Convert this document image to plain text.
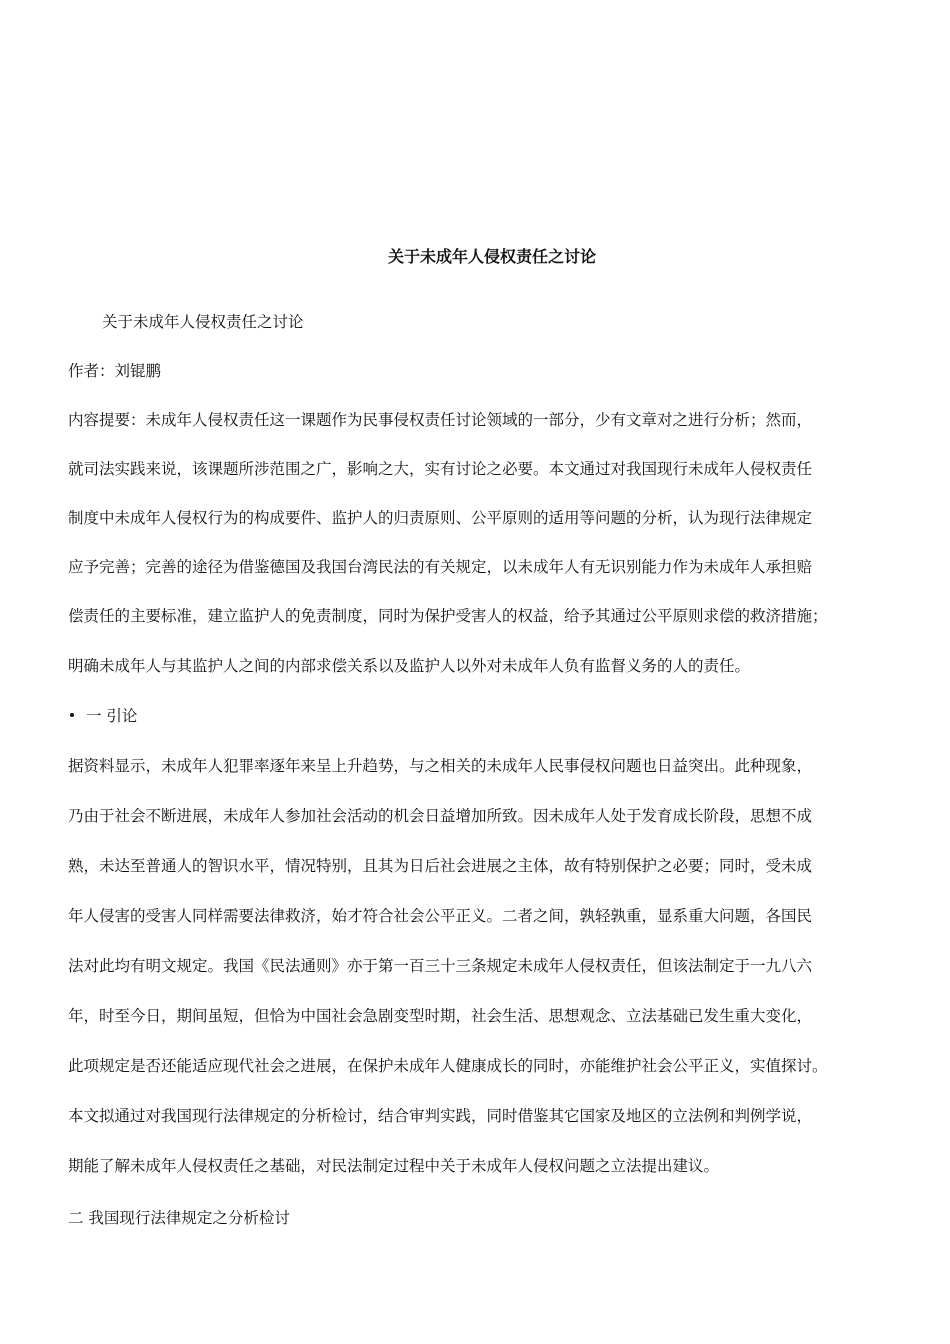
关于未成年人侵权责任之讨论
关于未成年人侵权责任之讨论
作者：刘锟鹏
内容提要：未成年人侵权责任这一课题作为民事侵权责任讨论领域的一部分，少有文章对之进行分析；然而，
就司法实践来说，该课题所涉范围之广，影响之大，实有讨论之必要。本文通过对我国现行未成年人侵权责任
制度中未成年人侵权行为的构成要件、监护人的归责原则、公平原则的适用等问题的分析，认为现行法律规定
应予完善；完善的途径为借鉴德国及我国台湾民法的有关规定，以未成年人有无识别能力作为未成年人承担赔
偿责任的主要标准，建立监护人的免责制度，同时为保护受害人的权益，给予其通过公平原则求偿的救济措施；
明确未成年人与其监护人之间的内部求偿关系以及监护人以外对未成年人负有监督义务的人的责任。
一 引论
据资料显示，未成年人犯罪率逐年来呈上升趋势，与之相关的未成年人民事侵权问题也日益突出。此种现象，
乃由于社会不断进展，未成年人参加社会活动的机会日益增加所致。因未成年人处于发育成长阶段，思想不成
熟，未达至普通人的智识水平，情况特别，且其为日后社会进展之主体，故有特别保护之必要；同时，受未成
年人侵害的受害人同样需要法律救济，始才符合社会公平正义。二者之间，孰轻孰重，显系重大问题，各国民
法对此均有明文规定。我国《民法通则》亦于第一百三十三条规定未成年人侵权责任，但该法制定于一九八六
年，时至今日，期间虽短，但恰为中国社会急剧变型时期，社会生活、思想观念、立法基础已发生重大变化，
此项规定是否还能适应现代社会之进展，在保护未成年人健康成长的同时，亦能维护社会公平正义，实值探讨。
本文拟通过对我国现行法律规定的分析检讨，结合审判实践，同时借鉴其它国家及地区的立法例和判例学说，
期能了解未成年人侵权责任之基础，对民法制定过程中关于未成年人侵权问题之立法提出建议。
二 我国现行法律规定之分析检讨
